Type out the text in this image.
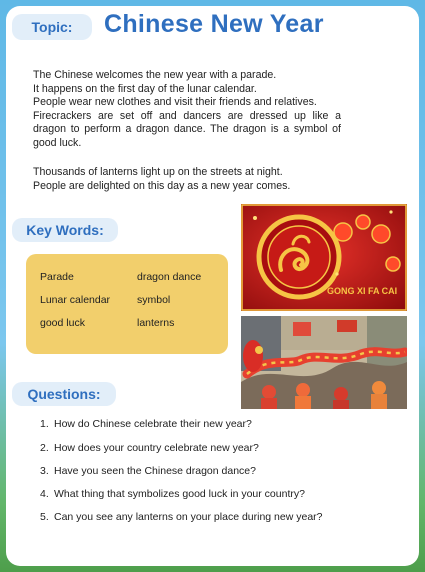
Topic:	Chinese New Year
The Chinese welcomes the new year with a parade.
It happens on the first day of the lunar calendar.
People wear new clothes and visit their friends and relatives.
Firecrackers are set off and dancers are dressed up like a
dragon to perform a dragon dance. The dragon is a symbol of
good luck.
Thousands of lanterns light up on the streets at night.
People are delighted on this day as a new year comes.
Key Words:
Parade	dragon dance
Lunar calendar	symbol
good luck	lanterns
GONG XI FA CAI
Questions:
1. How do Chinese celebrate their new year?
2. How does your country celebrate new year?
3. Have you seen the Chinese dragon dance?
4. What thing that symbolizes good luck in your country?
5. Can you see any lanterns on your place during new year?
